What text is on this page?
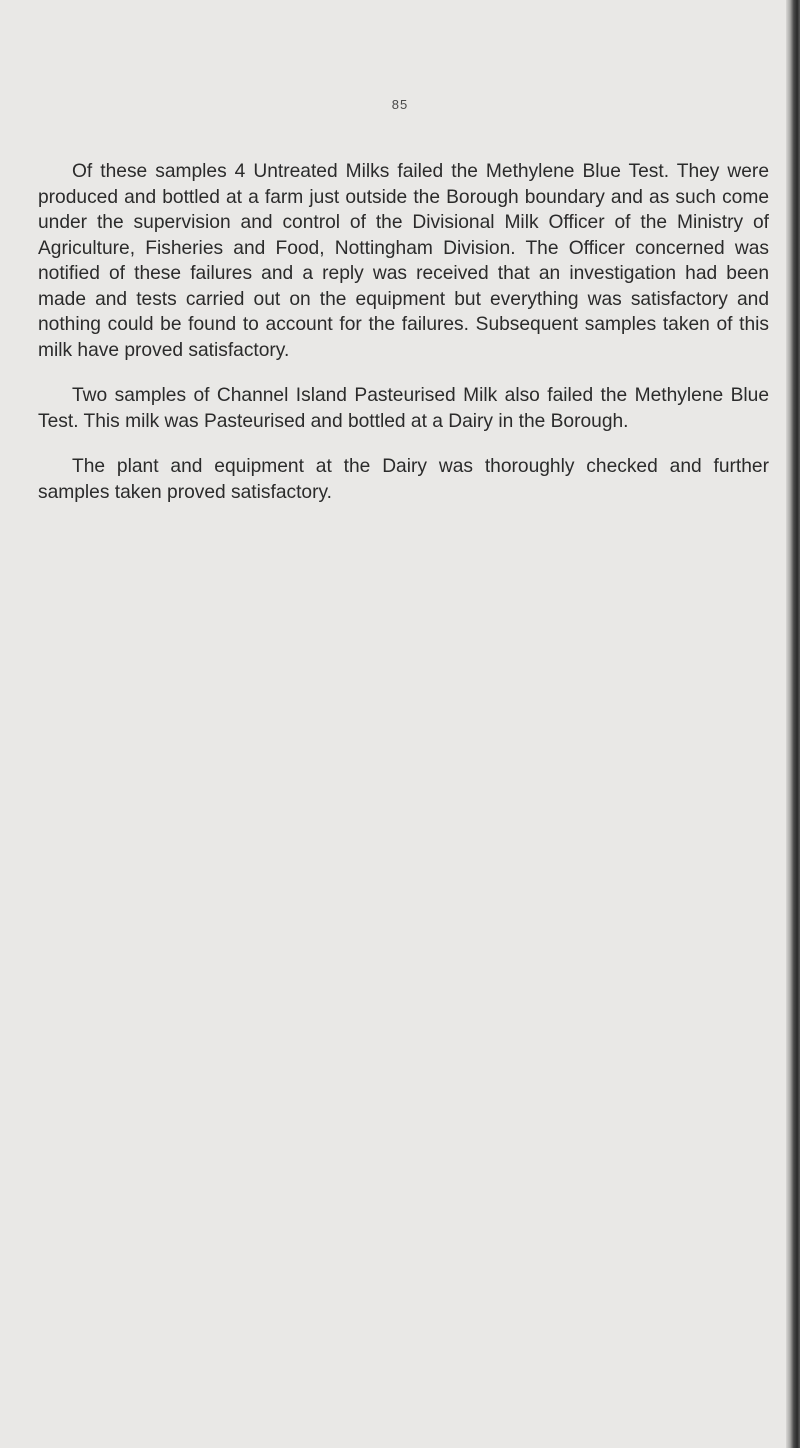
85

Of these samples 4 Untreated Milks failed the Methylene Blue Test. They were produced and bottled at a farm just outside the Borough boundary and as such come under the supervision and control of the Divisional Milk Officer of the Ministry of Agriculture, Fisheries and Food, Nottingham Division. The Officer concerned was notified of these failures and a reply was received that an investigation had been made and tests carried out on the equipment but everything was satisfactory and nothing could be found to account for the failures. Subsequent samples taken of this milk have proved satisfactory.

Two samples of Channel Island Pasteurised Milk also failed the Methylene Blue Test. This milk was Pasteurised and bottled at a Dairy in the Borough.

The plant and equipment at the Dairy was thoroughly checked and further samples taken proved satisfactory.
